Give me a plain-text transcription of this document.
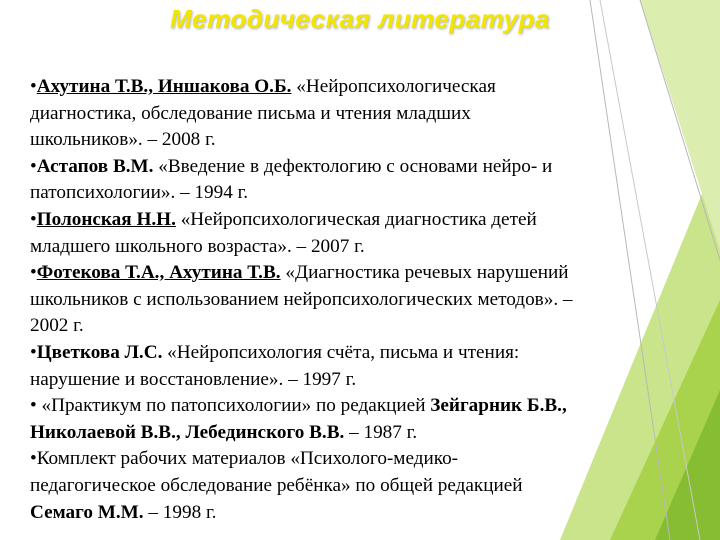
Методическая литература

•Ахутина Т.В., Иншакова О.Б. «Нейропсихологическая диагностика, обследование письма и чтения младших школьников». – 2008 г.

•Астапов В.М. «Введение в дефектологию с основами нейро- и патопсихологии». – 1994 г.

•Полонская Н.Н. «Нейропсихологическая диагностика детей младшего школьного возраста». – 2007 г.

•Фотекова Т.А., Ахутина Т.В. «Диагностика речевых нарушений школьников с использованием нейропсихологических методов». – 2002 г.

•Цветкова Л.С. «Нейропсихология счёта, письма и чтения: нарушение и восстановление». – 1997 г.

• «Практикум по патопсихологии» по редакцией Зейгарник Б.В., Николаевой В.В., Лебединского В.В. – 1987 г.

•Комплект рабочих материалов «Психолого-медико-педагогическое обследование ребёнка» по общей редакцией Семаго М.М. – 1998 г.
